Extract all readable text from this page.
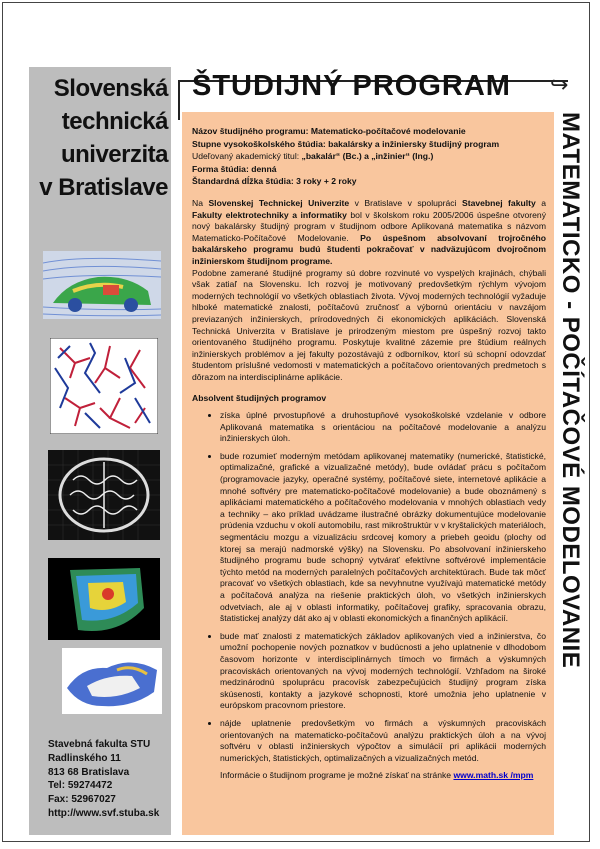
Slovenská
technická
univerzita
v Bratislave
ŠTUDIJNÝ PROGRAM ↪

Názov študijného programu: Matematicko-počítačové modelovanie

Stupne vysokoškolského štúdia: bakalársky a inžiniersky študijný program

Udeľovaný akademický titul: „bakalár“ (Bc.) a „inžinier“ (Ing.)

Forma štúdia: denná

Štandardná dĺžka štúdia: 3 roky + 2 roky

Na Slovenskej Technickej Univerzite v Bratislave v spolupráci Stavebnej fakulty a Fakulty elektrotechniky a informatiky bol v školskom roku 2005/2006 úspešne otvorený nový bakalársky študijný program v študijnom odbore Aplikovaná matematika s názvom Matematicko-Počítačové Modelovanie. Po úspešnom absolvovaní trojročného bakalárskeho programu budú študenti pokračovať v nadväzujúcom dvojročnom inžinierskom študijnom programe.
Podobne zamerané študijné programy sú dobre rozvinuté vo vyspelých krajinách, chýbali však zatiaľ na Slovensku. Ich rozvoj je motivovaný predovšetkým rýchlym vývojom moderných technológií vo všetkých oblastiach života. Vývoj moderných technológií vyžaduje hlboké matematické znalosti, počítačovú zručnosť a výbornú orientáciu v navzájom previazaných inžinierskych, prírodovedných či ekonomických aplikáciách. Slovenská Technická Univerzita v Bratislave je prirodzeným miestom pre úspešný rozvoj takto orientovaného študijného programu. Poskytuje kvalitné zázemie pre štúdium reálnych inžinierskych problémov a jej fakulty pozostávajú z odborníkov, ktorí sú schopní odovzdať študentom príslušné vedomosti v matematických a počítačovo orientovaných predmetoch s dôrazom na interdisciplinárne aplikácie.
Absolvent študijných programov
• získa úplné prvostupňové a druhostupňové vysokoškolské vzdelanie v odbore Aplikovaná matematika s orientáciou na počítačové modelovanie a analýzu inžinierskych úloh.
• bude rozumieť moderným metódam aplikovanej matematiky (numerické, štatistické, optimalizačné, grafické a vizualizačné metódy), bude ovládať prácu s počítačom (programovacie jazyky, operačné systémy, počítačové siete, internetové aplikácie a mnohé softvéry pre matematicko-počítačové modelovanie) a bude oboznámený s aplikáciami matematického a počítačového modelovania v mnohých oblastiach vedy a techniky – ako príklad uvádzame ilustračné obrázky dokumentujúce modelovanie prúdenia vzduchu v okolí automobilu, rast mikroštruktúr v v kryštalických materiáloch, segmentáciu mozgu a vizualizáciu srdcovej komory a priebeh geoidu (plochy od ktorej sa merajú nadmorské výšky) na Slovensku. Po absolvovaní inžinierskeho študijného programu bude schopný vytvárať efektívne softvérové implementácie týchto metód na moderných paralelných počítačových architektúrach. Bude tak môcť pracovať vo všetkých oblastiach, kde sa nevyhnutne využívajú matematické metódy a počítačová analýza na riešenie praktických úloh, vo všetkých inžinierskych odvetviach, ale aj v oblasti informatiky, počítačovej grafiky, spracovania obrazu, štatistickej analýzy dát ako aj v oblasti ekonomických a finančných aplikácií.
• bude mať znalosti z matematických základov aplikovaných vied a inžinierstva, čo umožní pochopenie nových poznatkov v budúcnosti a jeho uplatnenie v dlhodobom časovom horizonte v interdisciplinárnych tímoch vo firmách a výskumných pracoviskách orientovaných na vývoj moderných technológií. Vzhľadom na široké medzinárodnú spoluprácu pracovísk zabezpečujúcich študijný program získa skúsenosti, kontakty a jazykové schopnosti, ktoré umožnia jeho uplatnenie v európskom pracovnom priestore.
• nájde uplatnenie predovšetkým vo firmách a výskumných pracoviskách orientovaných na matematicko-počítačovú analýzu praktických úloh a na vývoj softvéru v oblasti inžinierskych výpočtov a simulácií pri aplikácii moderných numerických, štatistických, optimalizačných a vizualizačných metód.
Informácie o študijnom programe je možné získať na stránke www.math.sk /mpm
MATEMATICKO - POČÍTAČOVÉ MODELOVANIE
Stavebná fakulta STU
Radlinského 11
813 68 Bratislava
Tel: 59274472
Fax: 52967027
http://www.svf.stuba.sk
